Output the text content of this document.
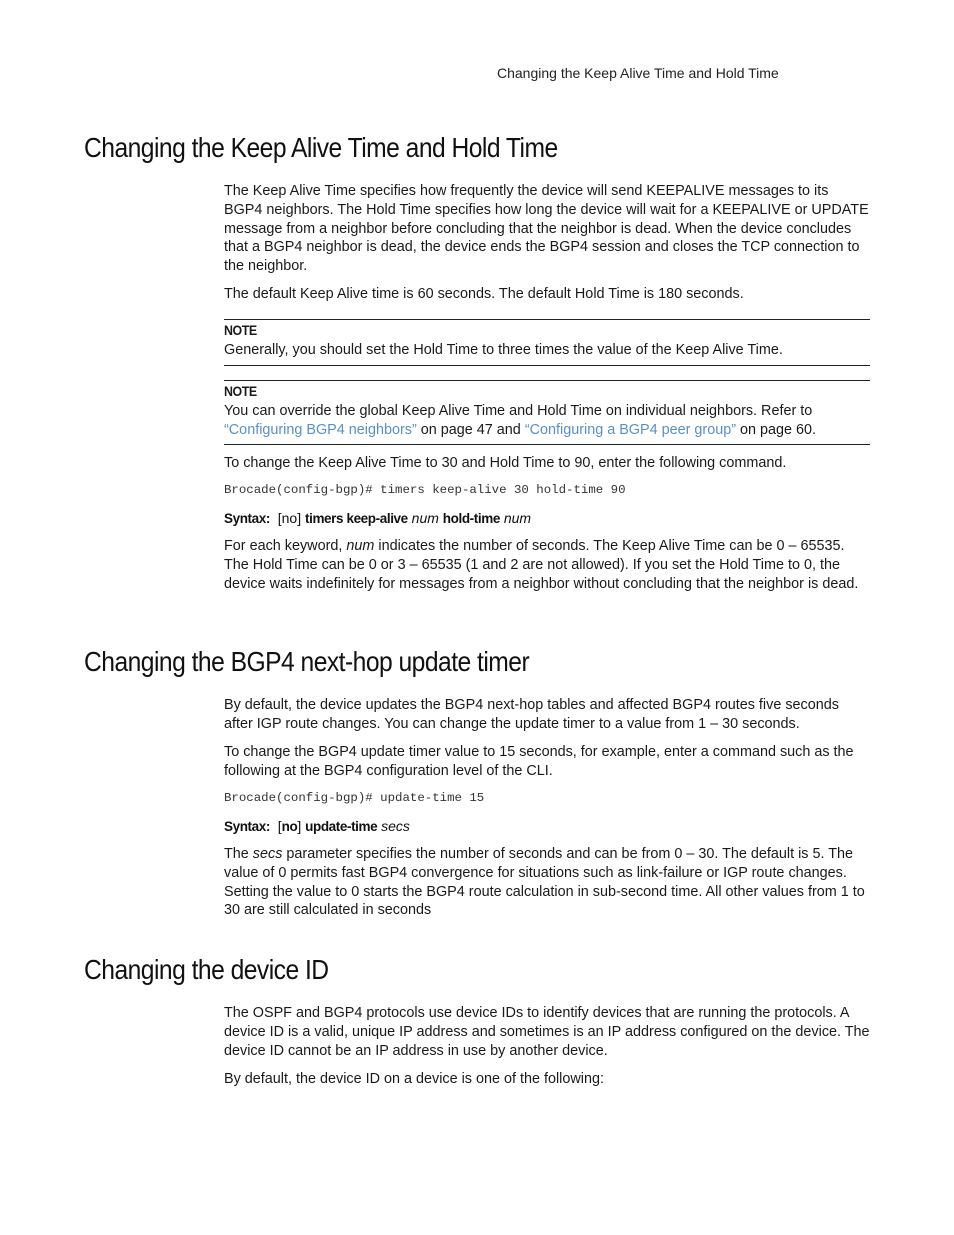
Changing the Keep Alive Time and Hold Time
Changing the Keep Alive Time and Hold Time

The Keep Alive Time specifies how frequently the device will send KEEPALIVE messages to its BGP4 neighbors. The Hold Time specifies how long the device will wait for a KEEPALIVE or UPDATE message from a neighbor before concluding that the neighbor is dead. When the device concludes that a BGP4 neighbor is dead, the device ends the BGP4 session and closes the TCP connection to the neighbor.

The default Keep Alive time is 60 seconds. The default Hold Time is 180 seconds.

NOTE
Generally, you should set the Hold Time to three times the value of the Keep Alive Time.
NOTE
You can override the global Keep Alive Time and Hold Time on individual neighbors. Refer to
“Configuring BGP4 neighbors” on page 47 and “Configuring a BGP4 peer group” on page 60.

To change the Keep Alive Time to 30 and Hold Time to 90, enter the following command.

Brocade(config-bgp)# timers keep-alive 30 hold-time 90
Syntax: [no] timers keep-alive num hold-time num

For each keyword, num indicates the number of seconds. The Keep Alive Time can be 0 – 65535. The Hold Time can be 0 or 3 – 65535 (1 and 2 are not allowed). If you set the Hold Time to 0, the device waits indefinitely for messages from a neighbor without concluding that the neighbor is dead.

Changing the BGP4 next-hop update timer

By default, the device updates the BGP4 next-hop tables and affected BGP4 routes five seconds after IGP route changes. You can change the update timer to a value from 1 – 30 seconds.

To change the BGP4 update timer value to 15 seconds, for example, enter a command such as the following at the BGP4 configuration level of the CLI.

Brocade(config-bgp)# update-time 15
Syntax: [no] update-time secs

The secs parameter specifies the number of seconds and can be from 0 – 30. The default is 5. The value of 0 permits fast BGP4 convergence for situations such as link-failure or IGP route changes. Setting the value to 0 starts the BGP4 route calculation in sub-second time. All other values from 1 to 30 are still calculated in seconds

Changing the device ID

The OSPF and BGP4 protocols use device IDs to identify devices that are running the protocols. A device ID is a valid, unique IP address and sometimes is an IP address configured on the device. The device ID cannot be an IP address in use by another device.

By default, the device ID on a device is one of the following:
